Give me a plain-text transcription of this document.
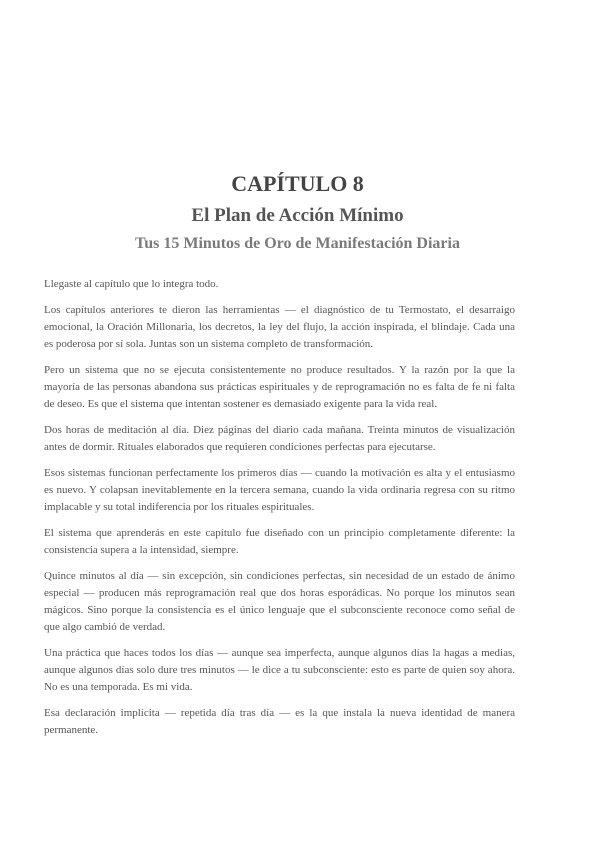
CAPÍTULO 8
El Plan de Acción Mínimo
Tus 15 Minutos de Oro de Manifestación Diaria

Llegaste al capítulo que lo integra todo.

Los capítulos anteriores te dieron las herramientas — el diagnóstico de tu Termostato, el desarraigo emocional, la Oración Millonaria, los decretos, la ley del flujo, la acción inspirada, el blindaje. Cada una es poderosa por sí sola. Juntas son un sistema completo de transformación.

Pero un sistema que no se ejecuta consistentemente no produce resultados. Y la razón por la que la mayoría de las personas abandona sus prácticas espirituales y de reprogramación no es falta de fe ni falta de deseo. Es que el sistema que intentan sostener es demasiado exigente para la vida real.

Dos horas de meditación al día. Diez páginas del diario cada mañana. Treinta minutos de visualización antes de dormir. Rituales elaborados que requieren condiciones perfectas para ejecutarse.

Esos sistemas funcionan perfectamente los primeros días — cuando la motivación es alta y el entusiasmo es nuevo. Y colapsan inevitablemente en la tercera semana, cuando la vida ordinaria regresa con su ritmo implacable y su total indiferencia por los rituales espirituales.

El sistema que aprenderás en este capítulo fue diseñado con un principio completamente diferente: la consistencia supera a la intensidad, siempre.

Quince minutos al día — sin excepción, sin condiciones perfectas, sin necesidad de un estado de ánimo especial — producen más reprogramación real que dos horas esporádicas. No porque los minutos sean mágicos. Sino porque la consistencia es el único lenguaje que el subconsciente reconoce como señal de que algo cambió de verdad.

Una práctica que haces todos los días — aunque sea imperfecta, aunque algunos días la hagas a medias, aunque algunos días solo dure tres minutos — le dice a tu subconsciente: esto es parte de quien soy ahora. No es una temporada. Es mi vida.

Esa declaración implícita — repetida día tras día — es la que instala la nueva identidad de manera permanente.
